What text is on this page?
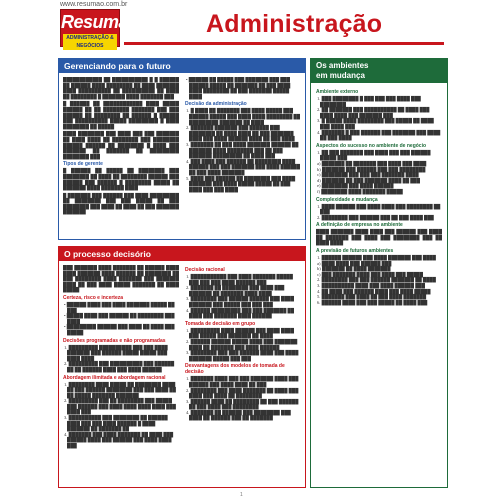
www.resumao.com.br
Resumão
ADMINISTRAÇÃO & NEGÓCIOS
Administração
Gerenciando para o futuro

████████████ ██ ███████████ █ █ ██████ ██ ██████ ████ ████████ ██ ████ ███████ ████ ██████████ ██ ██████████ ██ ████ ██ ████████ █ ███████ ████ ███████ ███

█ ██████ ██ ████████████ ████ █████ ██████ ██ ██ ████████ ███████ ███ ███ ██████ ██ ████████ ██ ██████ █ ██████ ███ ██████████ █████ █████████ █ ████ ████████ ██ █████

████ ████████ ███ ████ ███ ███ ███████ ██ ████ ████ ██ ████████ ███ ████████ ██████ ██████ ██ ████████ █ ████ ███ ███████ ██ ███████ ██ █████████ ████████ ███

Tipos de gerente

█ ██████ ██ █████ ██ ████████ ███ ████████ ██ ████ ██ ████████ ██████ ███ ██████ ███ ██████ █ ████████ █████ ██ ███████ ████ ███████ ████

█ ███████ ███ ██████ ███ ████ █████████ ██ ████████ ███ ███ █████ ██ ███ ████████ ███ ████ ██ ████ ██ ███ ███████ ███████

• ██████ ██ █████ ███ ███████ ███ ███ ██████ █████ ██ ███████ ██ ███ ████ ████ ████████ ██ ███ ███████ █████ ████

Decisão da administração

1. █ ████ ██ ███████ ███ ████ █████ ███ ██████ █████ ███ ████ ████ ████████ ██ █████████ ███████ ██ ████

2. ███████ ███████ ███ ██████ ███ ████████ ██ ████ ████ ██ ███ ███████ ████ ███ ████ ██████ ████ ██ ███ ████

3. ███████ ██ ███ ████ ███████ ██████ ██ ███████ ████ ████████ ███ ██ ███ ███████ █████████ ██ ████ ███

4. ███ ████ ███ ██████ ██ ████████ ████ ██████ ███ ███ ███████ ███ ████ ██████ ██ ███ ████ ███████

5. ████ ███ ██████ ██ ████████ ███ ████ ███████ ███ ████ █████ █████ ██ ███ ████ ███ ███ ████

O processo decisório

███ ███████ ████ ███████ ██ ██████ ████ ████ ███████ ████ ██████ ██ ████████ ██ ███ ████████ ████ ███████ ███ ███████ ████ ██ ███ ████ █████ ███████ ██ ████ █████

Certeza, risco e incerteza

• ██████ ████ ███ ████ ███████ █████ ██ ███

• █████ ████ ███ ██████ ██ ████████ ███ ████

• █████████ ██████ ███ ████ ██ ████ ███ █████

Decisões programadas e não programadas

1. █████████ ██████████ ███ ███ ████ ███████ ███ ██████ █████ █████ ███ ████ ████

2. █████████ ███ ██████████ ███ ██████ ██ ██ ██████ ████ ███ ████ ██████

Abordagem ilimitada e abordagem racional

1. ████████ ████ █████ ██ ████████ ████ ██ ███ ██████ ████████ ███ ███ ████ ██ ██ █████ ███████ ███████

2. █████████ ███ ██ ████████ ███ █████ ███ ██████ ███ ████ ████ ████ ████ ███ ████ ███

3. ██████████ ███ ████████ ██ ██████ ████ ███ ███ ████ ██████ █ ████ ███████ ██ ███████ ██

4. ███████ ███ ████ ███████ ██ ████ ███ ██████ ████ ███ ██████ ███ ████ ████ ███

Decisão racional

1. ███████████ ███ ████ ███████ █████ ███ ███ ███ ████ ██████ ███

2. ███████ ██ ████████ ███ ████ ███ ███████ ██ ███████ ████ ████

3. ████████ ███ ██████ ██████ ███ ████ ███████ ███ █████ ███ ███ ███

4. ██████ █████████ ███ ███ ███████ ██ ████ ███ ███████ ████ ██████

Tomada de decisão em grupo

1. █████████ ████ ██████ ███ ████ ████ ███ █████ ███ ███████ ██ ████

2. ██████ ██████ █████ ████ ███ ███████ ████ ██ ███████ ███ ████ ██████

3. ████████ ███ ███ ██████ ████ ███ ████ ███████ █████ ███ ███

Desvantagens dos modelos de tomada de decisão

1. ███████ ████ ███ ███ ███████ ████ ███ ██████ ███ ████ ████ ██ ███

2. ████████ ███ ████ ███████ ██ ████ ███ ████ ███ ████ ██ ████████

3. ██████ ████ ██ ████████ ██ ███ ██████ ██ ███ ████ ███ ████████

4. ███████ ██ ██████ ███ ████████ ███ ████ ██ ██████ ███ ██ ███████

Os ambientes
em mudança
Ambiente externo

1. ███ ████████ █ ███ ███ ███ ████ ███ ████████

2. ██ ███████ ███ ██████████ ██ ████ ███ ████ ████ ███ ███████ ███

3. █ █████ ████ ████████ ███ █████ ██ ████ ███ ████ ███

4. ███████ █ ███ ██████ ███ ███████ ███ ████ ██ ███ ████

Aspectos do sucesso no ambiente de negócio

1. ██ ███ ███████ ███ ████ ███ ███ ██████ █████ ███

a) ███████ ██ ███████ ███ ████ ███ ████

b) ███████ ███ ██████ ███ ███ ████████

c) ████████ ███ ███ ███ ███████ ████

d) ███████ ██ ███ ███████ ████ ██ ███

e) ████████ ███ ████ ██████

f) ████████ ████ ███████ █████

Complexidade e mudança

1. ████ ██████ ███ ████ ████ ███ ████████ ██ ███

2. ████████ ███ ██████ ███ ██ ███ ████ ███

A definição de empresa no ambiente

████ ███████ ████ ████ ███ ██████ ███ ████ ██ ███████ ███ ████ ███ ████████ ███ ██ ████ ████

A previsão de futuros ambientes

1. ██████ ██████ ███ ████ ███████ ███ ████

a) ████ ████ ███ ██████ ███

b) ███████ ██ ████ ███████

c) ███ ███████ ████ ███ ████ ███ █████

2. ████████ ███ ███ ██████ ███████ ██ ████

3. ██████████ ████ ███ ████ ██████ ███

4. ██ ████ ███ ██████ ████ ███ ████ █████

5. ███████ ███ ████ ██ ███ ████ ███████

6. ██████ ████ ███ ███ █████ ██ ████ ███

1
